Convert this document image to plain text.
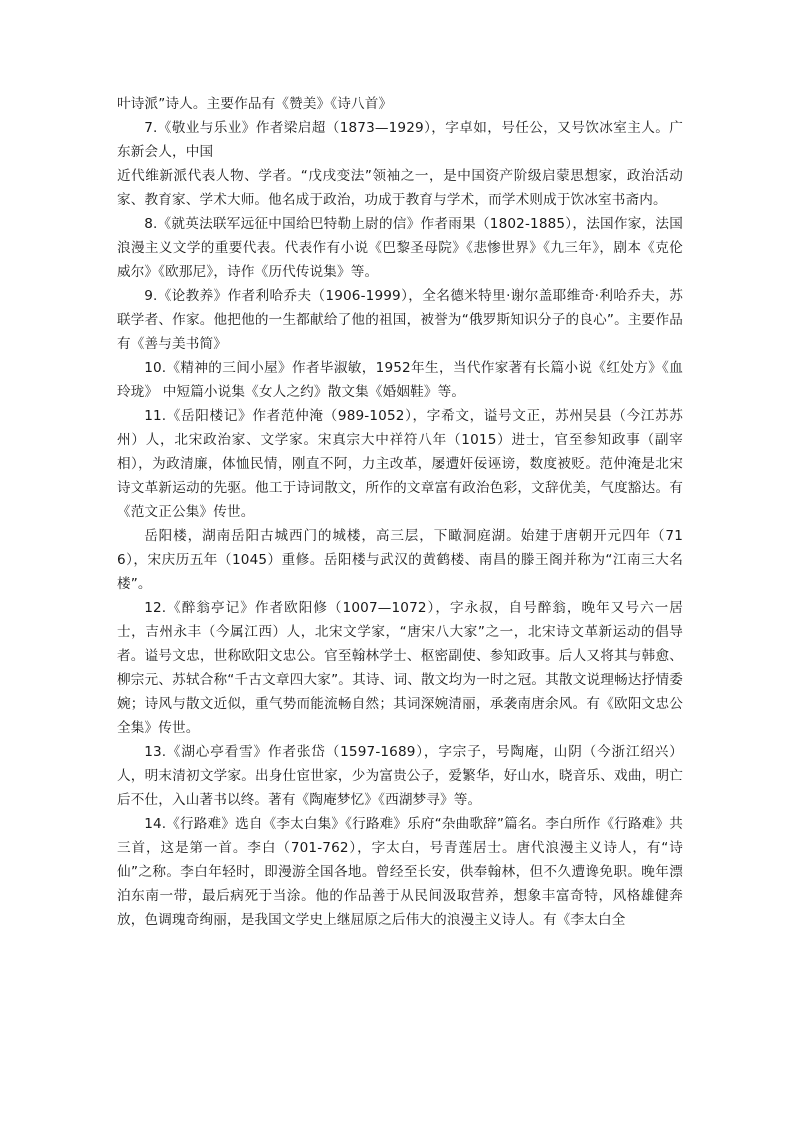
叶诗派”诗人。主要作品有《赞美》《诗八首》

7.《敬业与乐业》作者梁启超（1873—1929），字卓如，号任公，又号饮冰室主人。广东新会人，中国

近代维新派代表人物、学者。“戊戌变法”领袖之一，是中国资产阶级启蒙思想家，政治活动家、教育家、学术大师。他名成于政治，功成于教育与学术，而学术则成于饮冰室书斋内。

8.《就英法联军远征中国给巴特勒上尉的信》作者雨果（1802-1885），法国作家，法国浪漫主义文学的重要代表。代表作有小说《巴黎圣母院》《悲惨世界》《九三年》，剧本《克伦威尔》《欧那尼》，诗作《历代传说集》等。

9.《论教养》作者利哈乔夫（1906-1999），全名德米特里·谢尔盖耶维奇·利哈乔夫，苏联学者、作家。他把他的一生都献给了他的祖国，被誉为“俄罗斯知识分子的良心”。主要作品有《善与美书简》

10.《精神的三间小屋》作者毕淑敏，1952年生，当代作家著有长篇小说《红处方》《血玲珑》 中短篇小说集《女人之约》散文集《婚姻鞋》等。

11.《岳阳楼记》作者范仲淹（989-1052），字希文，谥号文正，苏州吴县（今江苏苏州）人，北宋政治家、文学家。宋真宗大中祥符八年（1015）进士，官至参知政事（副宰相），为政清廉，体恤民情，刚直不阿，力主改革，屡遭奸佞诬谤，数度被贬。范仲淹是北宋诗文革新运动的先驱。他工于诗词散文，所作的文章富有政治色彩，文辞优美，气度豁达。有《范文正公集》传世。

岳阳楼，湖南岳阳古城西门的城楼，高三层，下瞰洞庭湖。始建于唐朝开元四年（716），宋庆历五年（1045）重修。岳阳楼与武汉的黄鹤楼、南昌的滕王阁并称为“江南三大名楼”。

12.《醉翁亭记》作者欧阳修（1007—1072），字永叔，自号醉翁，晚年又号六一居士，吉州永丰（今属江西）人，北宋文学家，“唐宋八大家”之一，北宋诗文革新运动的倡导者。谥号文忠，世称欧阳文忠公。官至翰林学士、枢密副使、参知政事。后人又将其与韩愈、柳宗元、苏轼合称“千古文章四大家”。其诗、词、散文均为一时之冠。其散文说理畅达抒情委婉；诗风与散文近似，重气势而能流畅自然；其词深婉清丽，承袭南唐余风。有《欧阳文忠公全集》传世。

13.《湖心亭看雪》作者张岱（1597-1689），字宗子，号陶庵，山阴（今浙江绍兴）人，明末清初文学家。出身仕宦世家，少为富贵公子，爱繁华，好山水，晓音乐、戏曲，明亡后不仕，入山著书以终。著有《陶庵梦忆》《西湖梦寻》等。

14.《行路难》选自《李太白集》《行路难》乐府“杂曲歌辞”篇名。李白所作《行路难》共三首，这是第一首。李白（701-762），字太白，号青莲居士。唐代浪漫主义诗人，有“诗仙”之称。李白年轻时，即漫游全国各地。曾经至长安，供奉翰林，但不久遭谗免职。晚年漂泊东南一带，最后病死于当涂。他的作品善于从民间汲取营养，想象丰富奇特，风格雄健奔放，色调瑰奇绚丽，是我国文学史上继屈原之后伟大的浪漫主义诗人。有《李太白全
